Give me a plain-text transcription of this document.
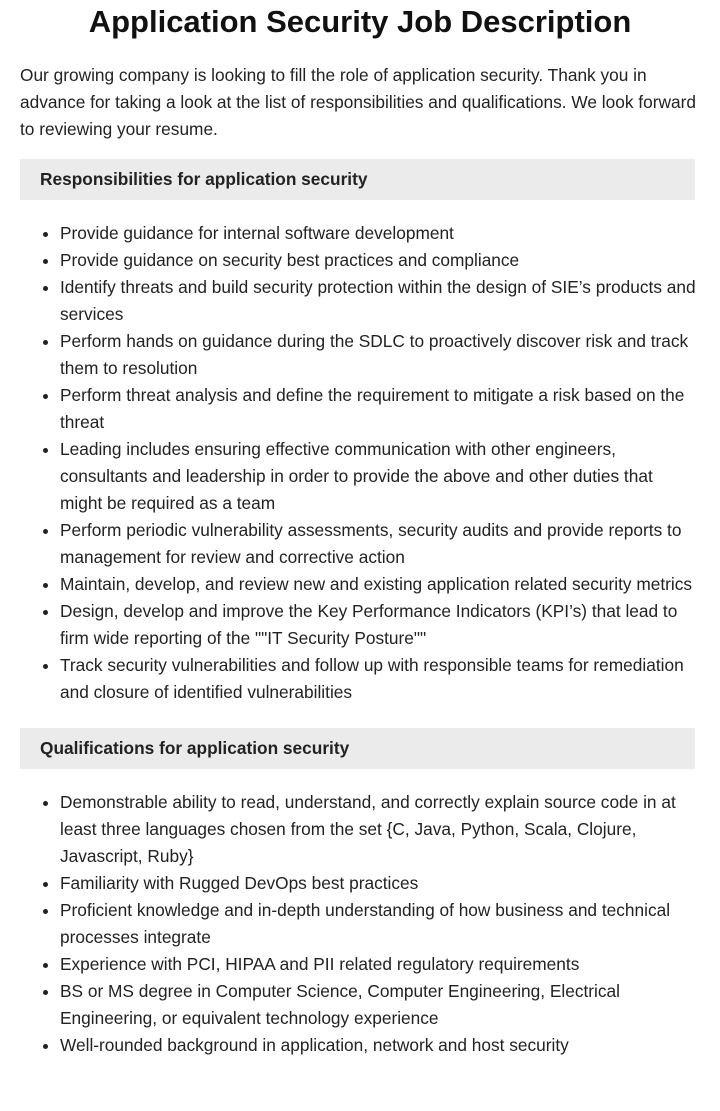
Application Security Job Description

Our growing company is looking to fill the role of application security. Thank you in advance for taking a look at the list of responsibilities and qualifications. We look forward to reviewing your resume.

Responsibilities for application security
• Provide guidance for internal software development
• Provide guidance on security best practices and compliance
• Identify threats and build security protection within the design of SIE’s products and services
• Perform hands on guidance during the SDLC to proactively discover risk and track them to resolution
• Perform threat analysis and define the requirement to mitigate a risk based on the threat
• Leading includes ensuring effective communication with other engineers, consultants and leadership in order to provide the above and other duties that might be required as a team
• Perform periodic vulnerability assessments, security audits and provide reports to management for review and corrective action
• Maintain, develop, and review new and existing application related security metrics
• Design, develop and improve the Key Performance Indicators (KPI’s) that lead to firm wide reporting of the ""IT Security Posture""
• Track security vulnerabilities and follow up with responsible teams for remediation and closure of identified vulnerabilities
Qualifications for application security
• Demonstrable ability to read, understand, and correctly explain source code in at least three languages chosen from the set {C, Java, Python, Scala, Clojure, Javascript, Ruby}
• Familiarity with Rugged DevOps best practices
• Proficient knowledge and in-depth understanding of how business and technical processes integrate
• Experience with PCI, HIPAA and PII related regulatory requirements
• BS or MS degree in Computer Science, Computer Engineering, Electrical Engineering, or equivalent technology experience
• Well-rounded background in application, network and host security
